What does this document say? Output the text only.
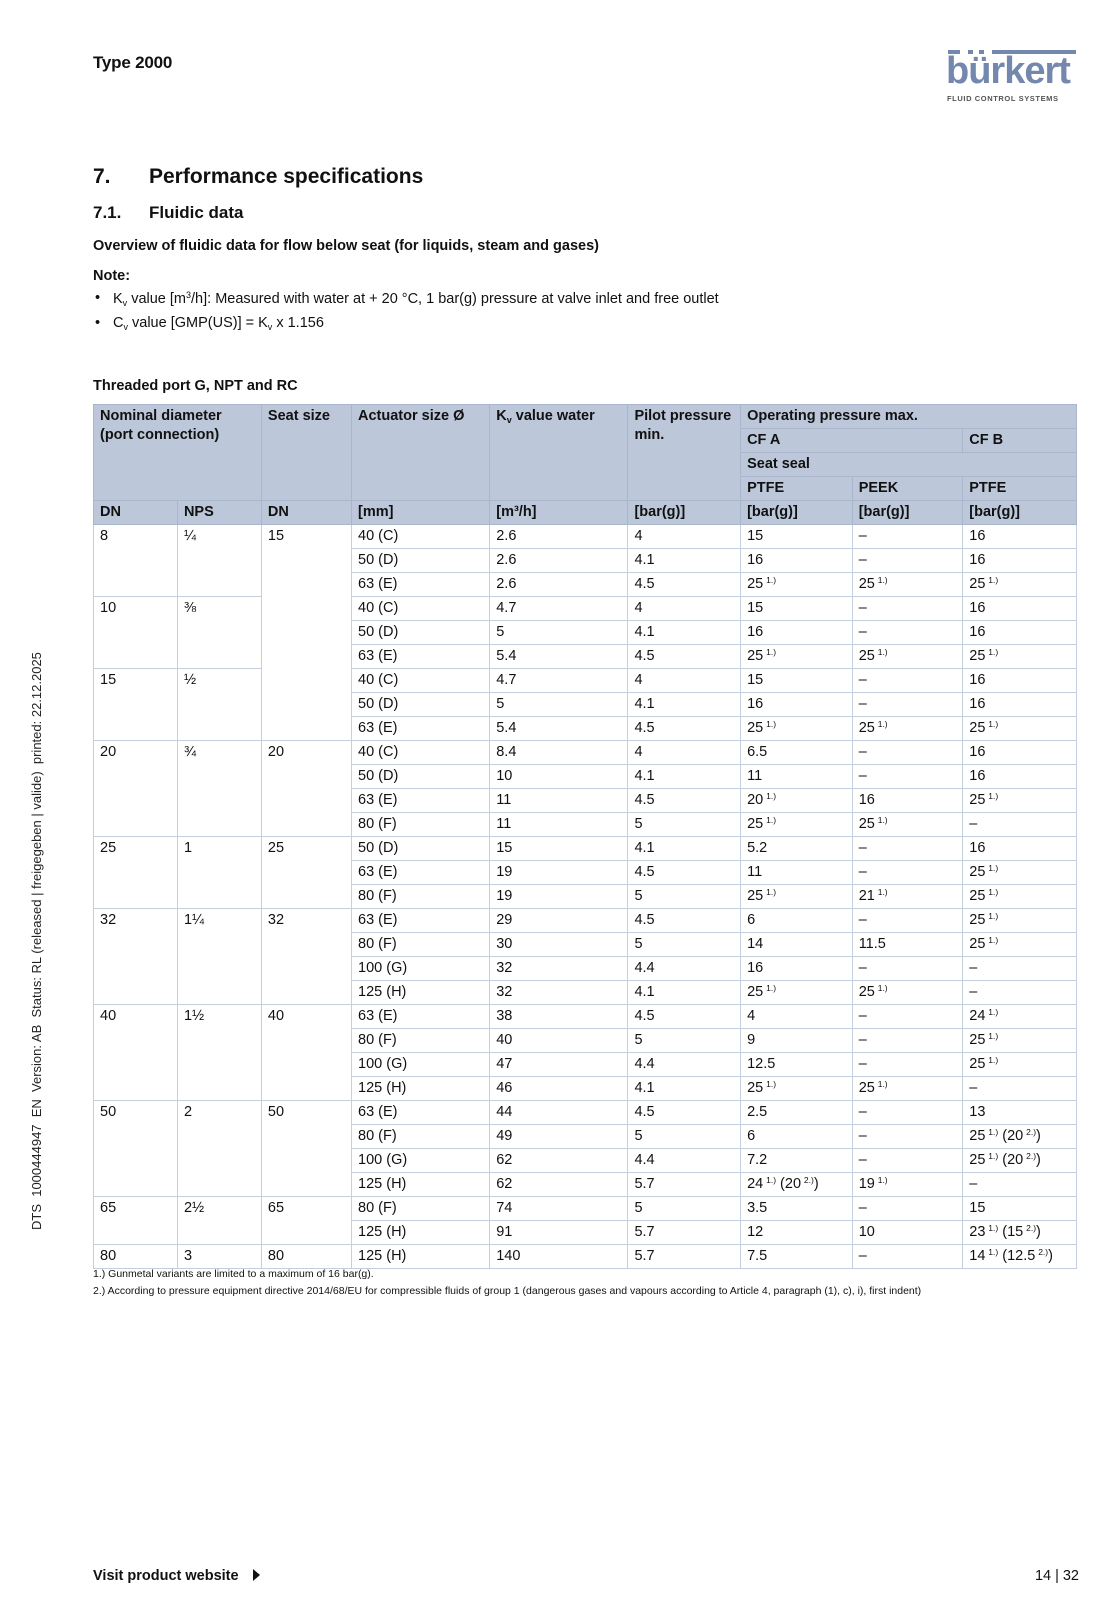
Type 2000	bürkert
FLUID CONTROL SYSTEMS
DTS  1000444947  EN  Version: AB  Status: RL (released | freigegeben | valide)  printed: 22.12.2025
7. Performance specifications
7.1. Fluidic data
Overview of fluidic data for flow below seat (for liquids, steam and gases)
Note:
• $K_v$ value $[m^3/h]$: Measured with water at + 20 °C, 1 bar(g) pressure at valve inlet and free outlet
• $C_v$ value $[GMP(US)] = K_v$ x 1.156
Threaded port G, NPT and RC
Nominal diameter (port connection)		Seat size	Actuator size Ø	$K_v$ value water	Pilot pressure min.	Operating pressure max.		
						CF A		CF B
						Seat seal		
						PTFE	PEEK	PTFE
DN	NPS	DN	[mm]	[m³/h]	[bar(g)]	[bar(g)]	[bar(g)]	[bar(g)]
8	¼	15	40 (C)	2.6	4	15	–	16
			50 (D)	2.6	4.1	16	–	16
			63 (E)	2.6	4.5	25 $^{1.)}$	25 $^{1.)}$	25 $^{1.)}$
10	⅜		40 (C)	4.7	4	15	–	16
			50 (D)	5	4.1	16	–	16
			63 (E)	5.4	4.5	25 $^{1.)}$	25 $^{1.)}$	25 $^{1.)}$
15	½		40 (C)	4.7	4	15	–	16
			50 (D)	5	4.1	16	–	16
			63 (E)	5.4	4.5	25 $^{1.)}$	25 $^{1.)}$	25 $^{1.)}$
20	¾	20	40 (C)	8.4	4	6.5	–	16
			50 (D)	10	4.1	11	–	16
			63 (E)	11	4.5	20 $^{1.)}$	16	25 $^{1.)}$
			80 (F)	11	5	25 $^{1.)}$	25 $^{1.)}$	–
25	1	25	50 (D)	15	4.1	5.2	–	16
			63 (E)	19	4.5	11	–	25 $^{1.)}$
			80 (F)	19	5	25 $^{1.)}$	21 $^{1.)}$	25 $^{1.)}$
32	1¼	32	63 (E)	29	4.5	6	–	25 $^{1.)}$
			80 (F)	30	5	14	11.5	25 $^{1.)}$
			100 (G)	32	4.4	16	–	–
			125 (H)	32	4.1	25 $^{1.)}$	25 $^{1.)}$	–
40	1½	40	63 (E)	38	4.5	4	–	24 $^{1.)}$
			80 (F)	40	5	9	–	25 $^{1.)}$
			100 (G)	47	4.4	12.5	–	25 $^{1.)}$
			125 (H)	46	4.1	25 $^{1.)}$	25 $^{1.)}$	–
50	2	50	63 (E)	44	4.5	2.5	–	13
			80 (F)	49	5	6	–	25 $^{1.)}$ (20 $^{2.)}$)
			100 (G)	62	4.4	7.2	–	25 $^{1.)}$ (20 $^{2.)}$)
			125 (H)	62	5.7	24 $^{1.)}$ (20 $^{2.)}$)	19 $^{1.)}$	–
65	2½	65	80 (F)	74	5	3.5	–	15
			125 (H)	91	5.7	12	10	23 $^{1.)}$ (15 $^{2.)}$)
80	3	80	125 (H)	140	5.7	7.5	–	14 $^{1.)}$ (12.5 $^{2.)}$)
1.) Gunmetal variants are limited to a maximum of 16 bar(g).
2.) According to pressure equipment directive 2014/68/EU for compressible fluids of group 1 (dangerous gases and vapours according to Article 4, paragraph (1), c), i), first indent)
Visit product website	14 | 32
